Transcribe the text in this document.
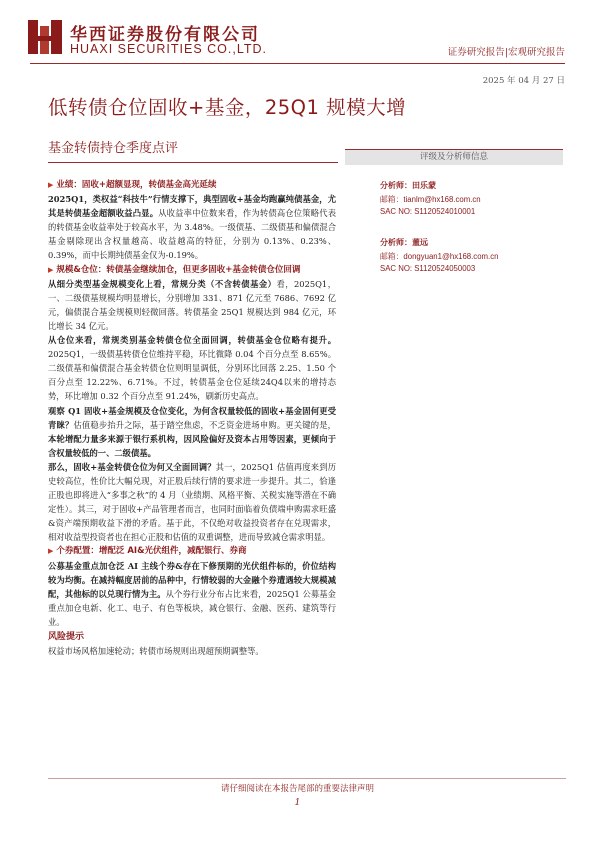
华西证券股份有限公司
HUAXI SECURITIES CO.,LTD.	证券研究报告|宏观研究报告
2025 年 04 月 27 日
低转债仓位固收+基金，25Q1 规模大增
基金转债持仓季度点评
评级及分析师信息
分析师：田乐蒙
邮箱：tianlm@hx168.com.cn
SAC NO: S1120524010001
分析师：董远
邮箱：dongyuan1@hx168.com.cn
SAC NO: S1120524050003

▶ 业绩：固收+超额显现，转债基金高光延续

2025Q1，类权益“科技牛”行情支撑下，典型固收+基金均跑赢纯债基金，尤其是转债基金超额收益凸显。从收益率中位数来看，作为转债高仓位策略代表的转债基金收益率处于较高水平，为 3.48%。一级债基、二级债基和偏债混合基金剔除现出含权量越高、收益越高的特征，分别为 0.13%、0.23%、0.39%，而中长期纯债基金仅为-0.19%。

▶ 规模&仓位：转债基金继续加仓，但更多固收+基金转债仓位回调

从细分类型基金规模变化上看，常规分类（不含转债基金）看，2025Q1，一、二级债基规模均明显增长，分别增加 331、871 亿元至 7686、7692 亿元，偏债混合基金规模则轻微回落。转债基金 25Q1 规模达到 984 亿元，环比增长 34 亿元。

从仓位来看，常规类别基金转债仓位全面回调，转债基金仓位略有提升。2025Q1，一级债基转债仓位维持平稳，环比微降 0.04 个百分点至 8.65%。二级债基和偏债混合基金转债仓位则明显调低，分别环比回落 2.25、1.50 个百分点至 12.22%、6.71%。不过，转债基金仓位延续24Q4以来的增持态势，环比增加 0.32 个百分点至 91.24%，刷新历史高点。

观察 Q1 固收+基金规模及仓位变化，为何含权量较低的固收+基金固何更受青睐？估值稳步抬升之际，基于踏空焦虑，不乏资金进场申购。更关键的是，本轮增配力量多来源于银行系机构，因风险偏好及资本占用等因素，更倾向于含权量较低的一、二级债基。

那么，固收+基金转债仓位为何又全面回调？其一，2025Q1 估值再度来到历史较高位，性价比大幅兑现，对正股后续行情的要求进一步提升。其二，恰逢正股也即将进入“多事之秋”的 4 月（业绩期、风格平衡、关税实施等潜在不确定性）。其三，对于固收+产品管理者而言，也同时面临着负债端申购需求旺盛&资产端预期收益下滑的矛盾。基于此，不仅绝对收益投资者存在兑现需求，相对收益型投资者也在担心正股和估值的双重调整，进而导致减仓需求明显。

▶ 个券配置：增配泛 AI&光伏组件，减配银行、券商

公募基金重点加仓泛 AI 主线个券&存在下修预期的光伏组件标的，价位结构较为均衡。在减持幅度居前的品种中，行情较弱的大金融个券遭遇较大规模减配，其他标的以兑现行情为主。从个券行业分布占比来看，2025Q1 公募基金重点加仓电新、化工、电子、有色等板块，减仓银行、金融、医药、建筑等行业。

风险提示

权益市场风格加速轮动；转债市场规则出现超预期调整等。

请仔细阅读在本报告尾部的重要法律声明
1
